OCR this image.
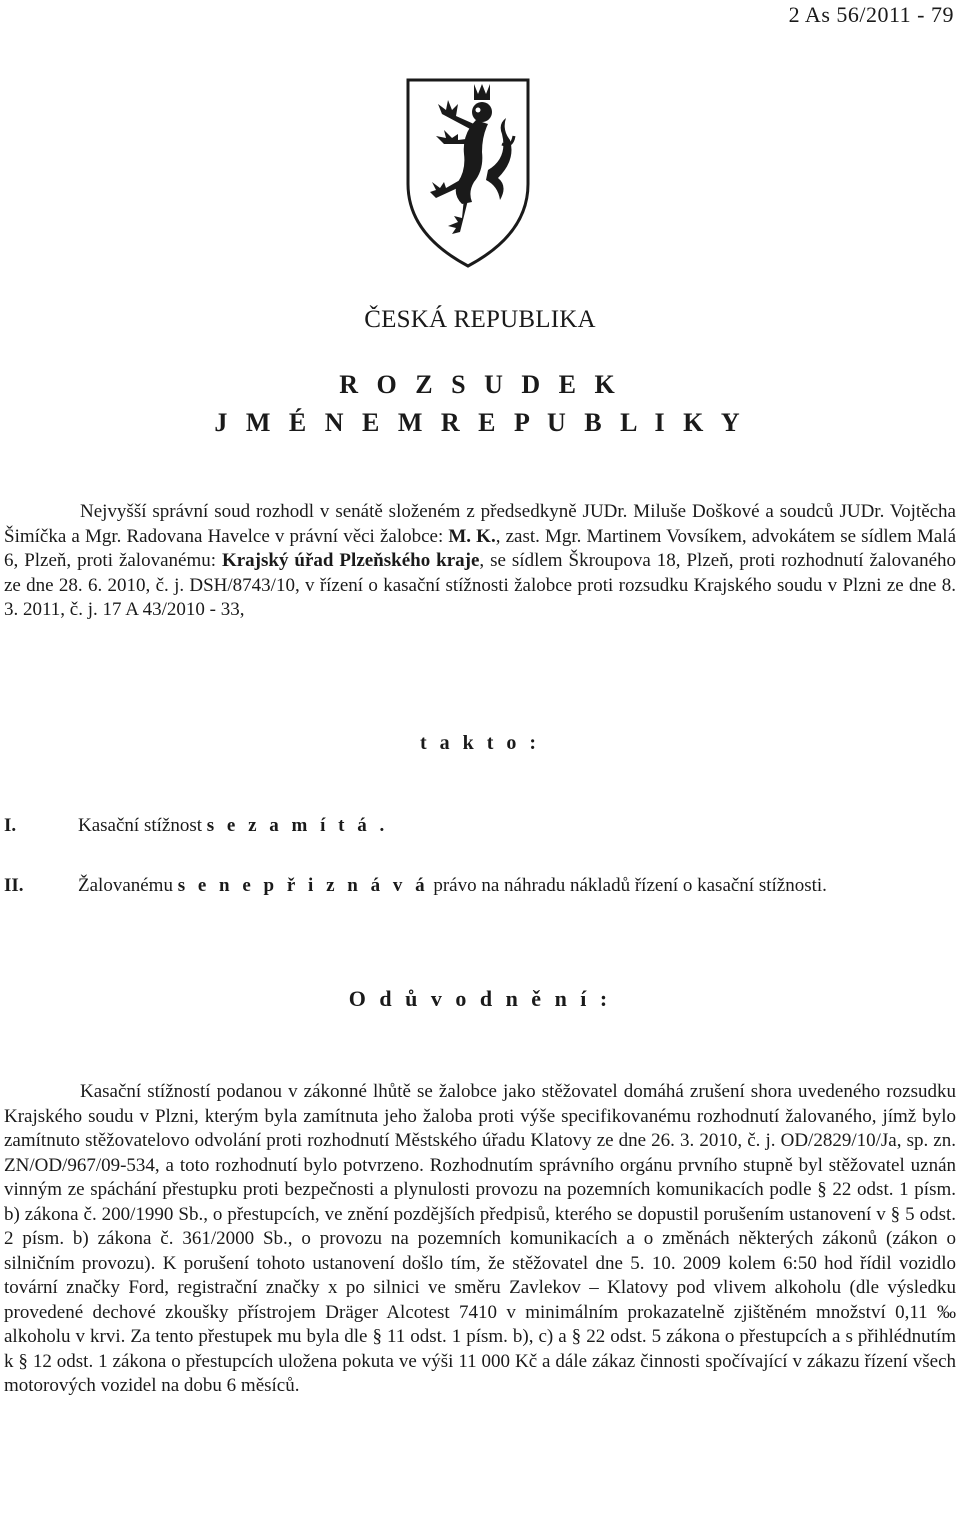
2 As 56/2011 - 79
ČESKÁ REPUBLIKA
R O Z S U D E K
J M É N E M R E P U B L I K Y
Nejvyšší správní soud rozhodl v senátě složeném z předsedkyně JUDr. Miluše Doškové a soudců JUDr. Vojtěcha Šimíčka a Mgr. Radovana Havelce v právní věci žalobce: M. K., zast. Mgr. Martinem Vovsíkem, advokátem se sídlem Malá 6, Plzeň, proti žalovanému: Krajský úřad Plzeňského kraje, se sídlem Škroupova 18, Plzeň, proti rozhodnutí žalovaného ze dne 28. 6. 2010, č. j. DSH/8743/10, v řízení o kasační stížnosti žalobce proti rozsudku Krajského soudu v Plzni ze dne 8. 3. 2011, č. j. 17 A 43/2010 - 33,
t a k t o :
I.	Kasační stížnost s e z a m í t á .
II.	Žalovanému s e n e p ř i z n á v á právo na náhradu nákladů řízení o kasační stížnosti.
O d ů v o d n ě n í :
Kasační stížností podanou v zákonné lhůtě se žalobce jako stěžovatel domáhá zrušení shora uvedeného rozsudku Krajského soudu v Plzni, kterým byla zamítnuta jeho žaloba proti výše specifikovanému rozhodnutí žalovaného, jímž bylo zamítnuto stěžovatelovo odvolání proti rozhodnutí Městského úřadu Klatovy ze dne 26. 3. 2010, č. j. OD/2829/10/Ja, sp. zn. ZN/OD/967/09-534, a toto rozhodnutí bylo potvrzeno. Rozhodnutím správního orgánu prvního stupně byl stěžovatel uznán vinným ze spáchání přestupku proti bezpečnosti a plynulosti provozu na pozemních komunikacích podle § 22 odst. 1 písm. b) zákona č. 200/1990 Sb., o přestupcích, ve znění pozdějších předpisů, kterého se dopustil porušením ustanovení v § 5 odst. 2 písm. b) zákona č. 361/2000 Sb., o provozu na pozemních komunikacích a o změnách některých zákonů (zákon o silničním provozu). K porušení tohoto ustanovení došlo tím, že stěžovatel dne 5. 10. 2009 kolem 6:50 hod řídil vozidlo tovární značky Ford, registrační značky x po silnici ve směru Zavlekov – Klatovy pod vlivem alkoholu (dle výsledku provedené dechové zkoušky přístrojem Dräger Alcotest 7410 v minimálním prokazatelně zjištěném množství 0,11 ‰ alkoholu v krvi. Za tento přestupek mu byla dle § 11 odst. 1 písm. b), c) a § 22 odst. 5 zákona o přestupcích a s přihlédnutím k § 12 odst. 1 zákona o přestupcích uložena pokuta ve výši 11 000 Kč a dále zákaz činnosti spočívající v zákazu řízení všech motorových vozidel na dobu 6 měsíců.
